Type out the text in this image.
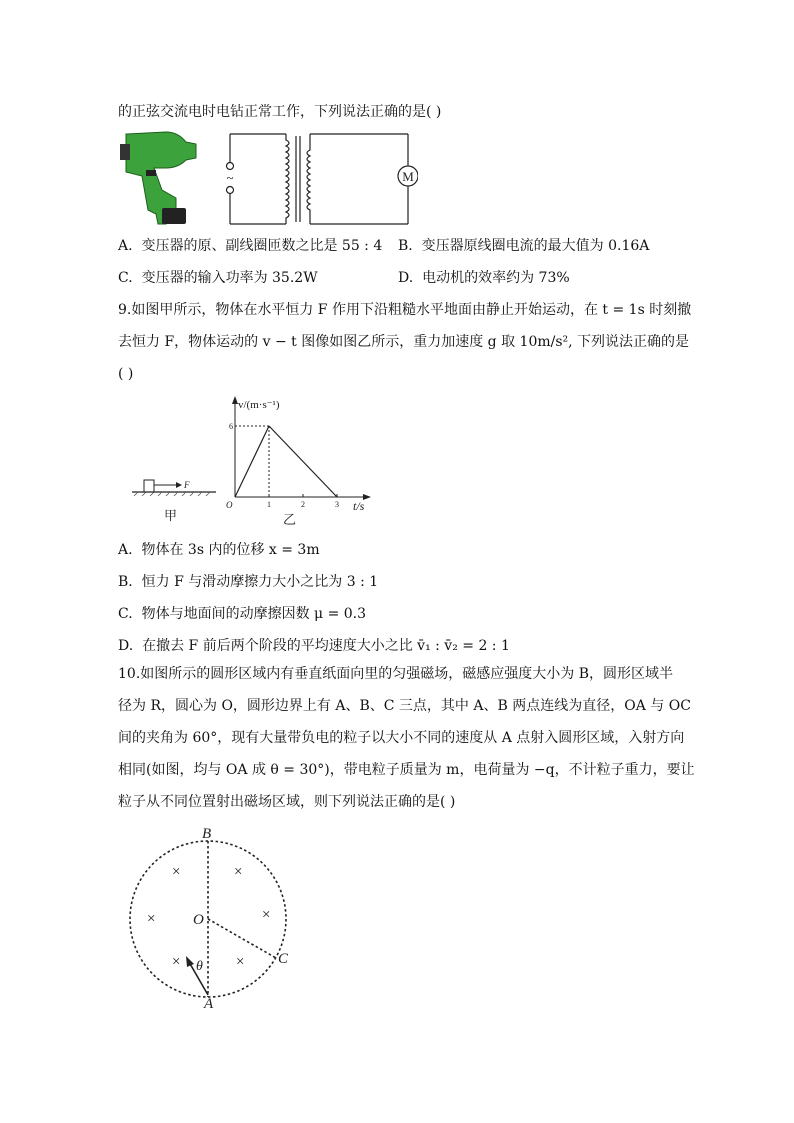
的正弦交流电时电钻正常工作，下列说法正确的是( )
M
~
A. 变压器的原、副线圈匝数之比是 55 : 4 B. 变压器原线圈电流的最大值为 0.16A
C. 变压器的输入功率为 35.2W	D. 电动机的效率约为 73%
9.如图甲所示，物体在水平恒力 F 作用下沿粗糙水平地面由静止开始运动，在 t = 1s 时刻撤
去恒力 F，物体运动的 v − t 图像如图乙所示，重力加速度 g 取 10m/s², 下列说法正确的是
( )
F
甲
v/(m·s⁻¹)
t/s
O
乙
1	2	3
6
A. 物体在 3s 内的位移 x = 3m
B. 恒力 F 与滑动摩擦力大小之比为 3 : 1
C. 物体与地面间的动摩擦因数 μ = 0.3
D. 在撤去 F 前后两个阶段的平均速度大小之比 v̄₁ : v̄₂ = 2 : 1
10.如图所示的圆形区域内有垂直纸面向里的匀强磁场，磁感应强度大小为 B，圆形区域半
径为 R，圆心为 O，圆形边界上有 A、B、C 三点，其中 A、B 两点连线为直径，OA 与 OC
间的夹角为 60°，现有大量带负电的粒子以大小不同的速度从 A 点射入圆形区域，入射方向
相同(如图，均与 OA 成 θ = 30°)，带电粒子质量为 m，电荷量为 −q，不计粒子重力，要让
粒子从不同位置射出磁场区域，则下列说法正确的是( )
B
O
C
A
θ
×	×
×	×
×	×
